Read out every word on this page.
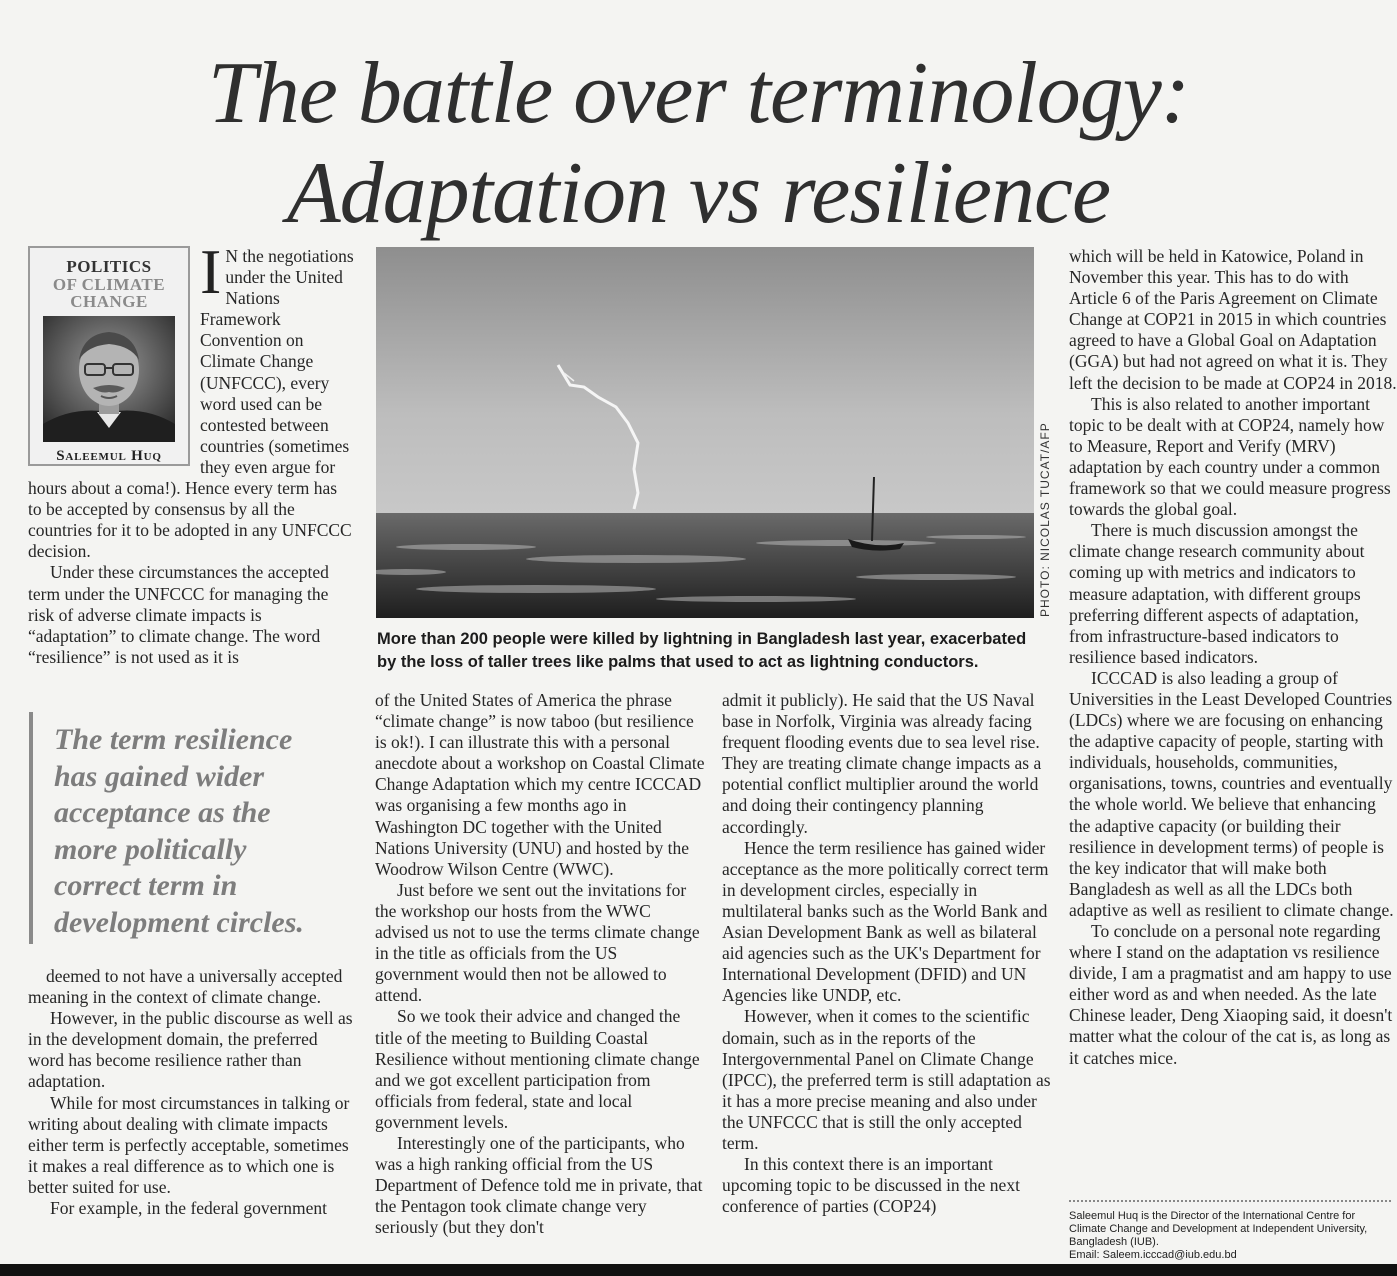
The battle over terminology:
Adaptation vs resilience
POLITICS
OF CLIMATE
CHANGE
Saleemul Huq

I N the negotiations under the United Nations Framework Convention on Climate Change (UNFCCC), every word used can be contested between countries (sometimes they even argue for hours about a coma!). Hence every term has to be accepted by consensus by all the countries for it to be adopted in any UNFCCC decision.

Under these circumstances the accepted term under the UNFCCC for managing the risk of adverse climate impacts is “adaptation” to climate change. The word “resilience” is not used as it is

The term resilience has gained wider acceptance as the more politically correct term in development circles.

deemed to not have a universally accepted meaning in the context of climate change.

However, in the public discourse as well as in the development domain, the preferred word has become resilience rather than adaptation.

While for most circumstances in talking or writing about dealing with climate impacts either term is perfectly acceptable, sometimes it makes a real difference as to which one is better suited for use.

For example, in the federal government

PHOTO: NICOLAS TUCAT/AFP
More than 200 people were killed by lightning in Bangladesh last year, exacerbated by the loss of taller trees like palms that used to act as lightning conductors.

of the United States of America the phrase “climate change” is now taboo (but resilience is ok!). I can illustrate this with a personal anecdote about a workshop on Coastal Climate Change Adaptation which my centre ICCCAD was organising a few months ago in Washington DC together with the United Nations University (UNU) and hosted by the Woodrow Wilson Centre (WWC).

Just before we sent out the invitations for the workshop our hosts from the WWC advised us not to use the terms climate change in the title as officials from the US government would then not be allowed to attend.

So we took their advice and changed the title of the meeting to Building Coastal Resilience without mentioning climate change and we got excellent participation from officials from federal, state and local government levels.

Interestingly one of the participants, who was a high ranking official from the US Department of Defence told me in private, that the Pentagon took climate change very seriously (but they don't

admit it publicly). He said that the US Naval base in Norfolk, Virginia was already facing frequent flooding events due to sea level rise. They are treating climate change impacts as a potential conflict multiplier around the world and doing their contingency planning accordingly.

Hence the term resilience has gained wider acceptance as the more politically correct term in development circles, especially in multilateral banks such as the World Bank and Asian Development Bank as well as bilateral aid agencies such as the UK's Department for International Development (DFID) and UN Agencies like UNDP, etc.

However, when it comes to the scientific domain, such as in the reports of the Intergovernmental Panel on Climate Change (IPCC), the preferred term is still adaptation as it has a more precise meaning and also under the UNFCCC that is still the only accepted term.

In this context there is an important upcoming topic to be discussed in the next conference of parties (COP24)

which will be held in Katowice, Poland in November this year. This has to do with Article 6 of the Paris Agreement on Climate Change at COP21 in 2015 in which countries agreed to have a Global Goal on Adaptation (GGA) but had not agreed on what it is. They left the decision to be made at COP24 in 2018.

This is also related to another important topic to be dealt with at COP24, namely how to Measure, Report and Verify (MRV) adaptation by each country under a common framework so that we could measure progress towards the global goal.

There is much discussion amongst the climate change research community about coming up with metrics and indicators to measure adaptation, with different groups preferring different aspects of adaptation, from infrastructure-based indicators to resilience based indicators.

ICCCAD is also leading a group of Universities in the Least Developed Countries (LDCs) where we are focusing on enhancing the adaptive capacity of people, starting with individuals, households, communities, organisations, towns, countries and eventually the whole world. We believe that enhancing the adaptive capacity (or building their resilience in development terms) of people is the key indicator that will make both Bangladesh as well as all the LDCs both adaptive as well as resilient to climate change.

To conclude on a personal note regarding where I stand on the adaptation vs resilience divide, I am a pragmatist and am happy to use either word as and when needed. As the late Chinese leader, Deng Xiaoping said, it doesn't matter what the colour of the cat is, as long as it catches mice.

Saleemul Huq is the Director of the International Centre for Climate Change and Development at Independent University, Bangladesh (IUB).
Email: Saleem.icccad@iub.edu.bd
